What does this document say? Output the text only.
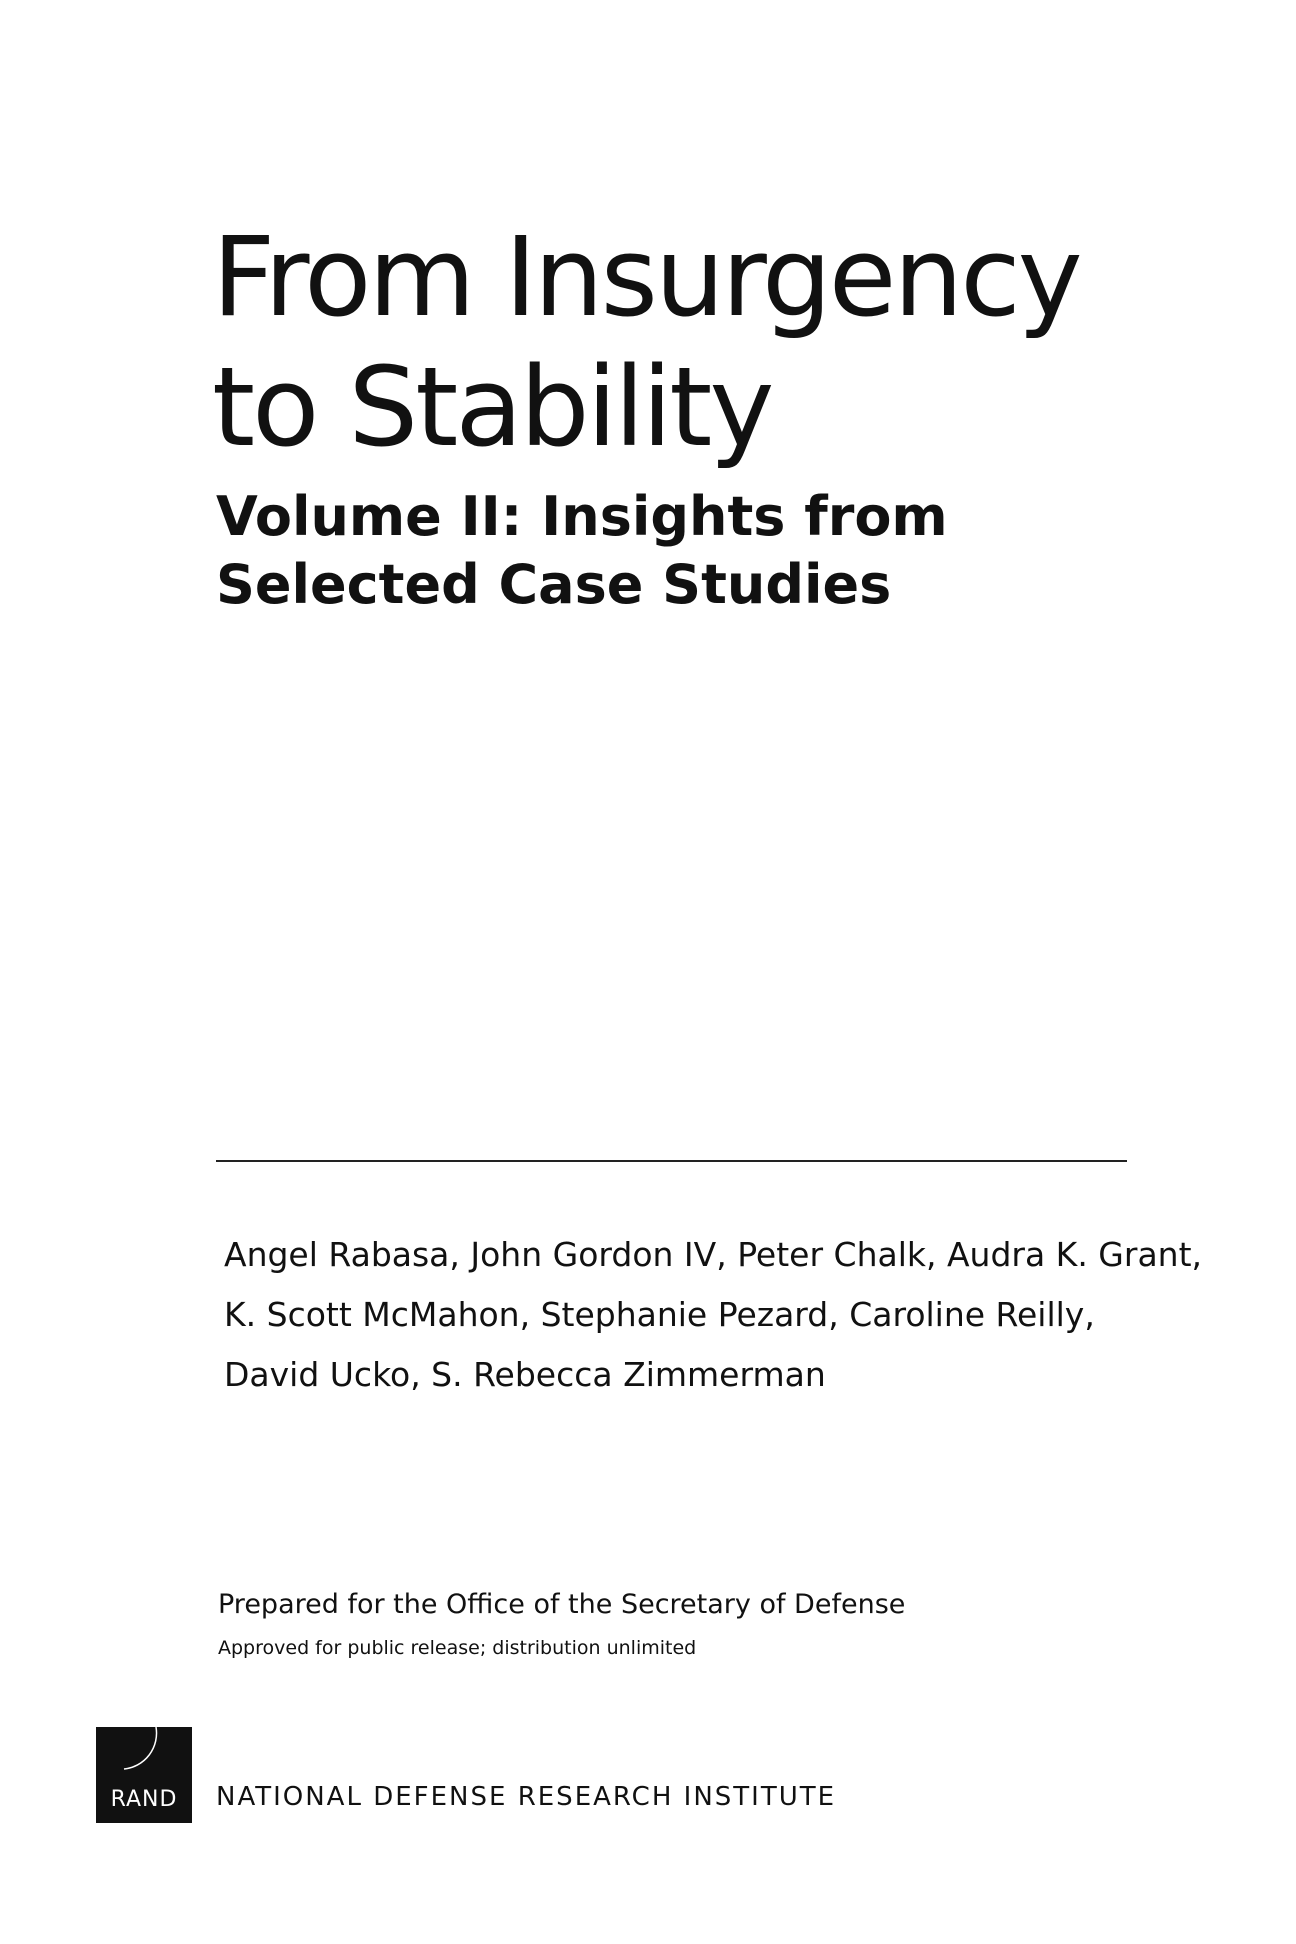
From Insurgency
to Stability
Volume II: Insights from
Selected Case Studies

Angel Rabasa, John Gordon IV, Peter Chalk, Audra K. Grant,

K. Scott McMahon, Stephanie Pezard, Caroline Reilly,

David Ucko, S. Rebecca Zimmerman

Prepared for the Office of the Secretary of Defense
Approved for public release; distribution unlimited
RAND	NATIONAL DEFENSE RESEARCH INSTITUTE
